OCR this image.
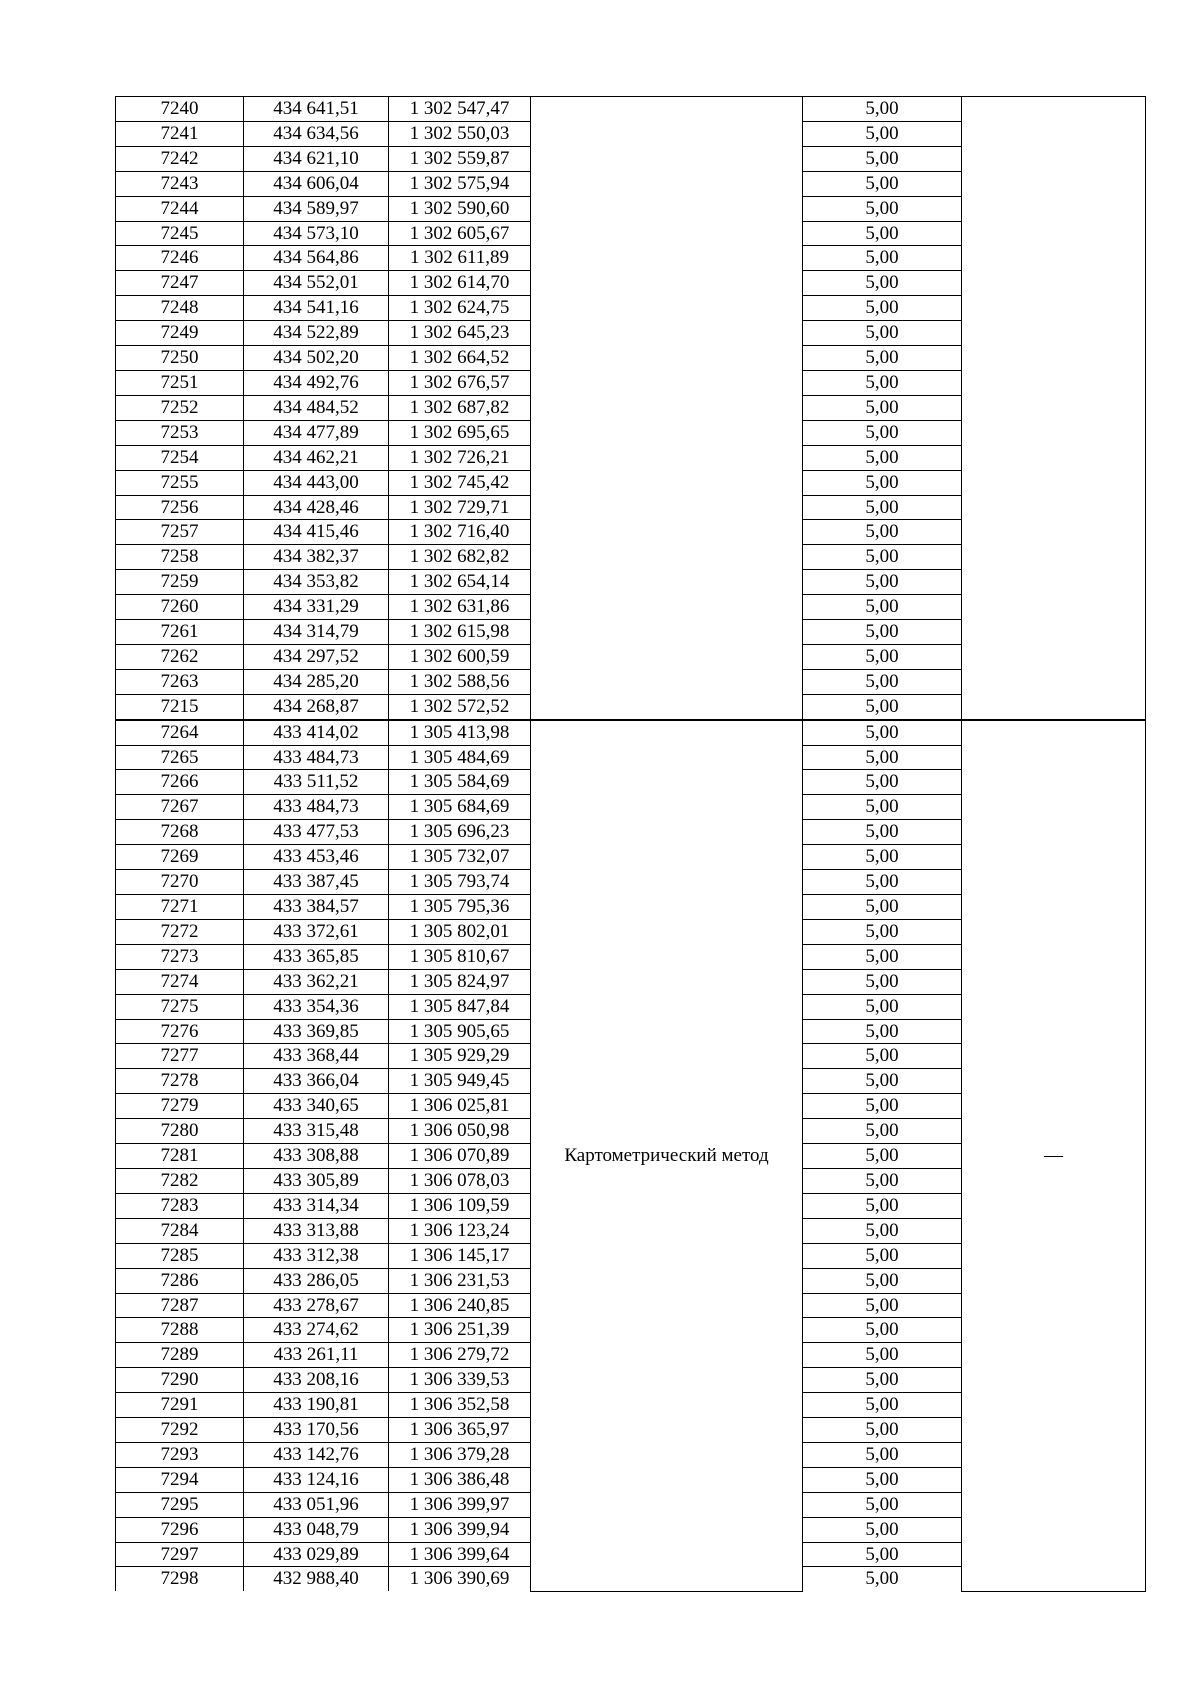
7240	434 641,51	1 302 547,47		5,00	
7241	434 634,56	1 302 550,03		5,00	
7242	434 621,10	1 302 559,87		5,00	
7243	434 606,04	1 302 575,94		5,00	
7244	434 589,97	1 302 590,60		5,00	
7245	434 573,10	1 302 605,67		5,00	
7246	434 564,86	1 302 611,89		5,00	
7247	434 552,01	1 302 614,70		5,00	
7248	434 541,16	1 302 624,75		5,00	
7249	434 522,89	1 302 645,23		5,00	
7250	434 502,20	1 302 664,52		5,00	
7251	434 492,76	1 302 676,57		5,00	
7252	434 484,52	1 302 687,82		5,00	
7253	434 477,89	1 302 695,65		5,00	
7254	434 462,21	1 302 726,21		5,00	
7255	434 443,00	1 302 745,42		5,00	
7256	434 428,46	1 302 729,71		5,00	
7257	434 415,46	1 302 716,40		5,00	
7258	434 382,37	1 302 682,82		5,00	
7259	434 353,82	1 302 654,14		5,00	
7260	434 331,29	1 302 631,86		5,00	
7261	434 314,79	1 302 615,98		5,00	
7262	434 297,52	1 302 600,59		5,00	
7263	434 285,20	1 302 588,56		5,00	
7215	434 268,87	1 302 572,52		5,00	
7264	433 414,02	1 305 413,98	Картометрический метод	5,00	—
7265	433 484,73	1 305 484,69		5,00	
7266	433 511,52	1 305 584,69		5,00	
7267	433 484,73	1 305 684,69		5,00	
7268	433 477,53	1 305 696,23		5,00	
7269	433 453,46	1 305 732,07		5,00	
7270	433 387,45	1 305 793,74		5,00	
7271	433 384,57	1 305 795,36		5,00	
7272	433 372,61	1 305 802,01		5,00	
7273	433 365,85	1 305 810,67		5,00	
7274	433 362,21	1 305 824,97		5,00	
7275	433 354,36	1 305 847,84		5,00	
7276	433 369,85	1 305 905,65		5,00	
7277	433 368,44	1 305 929,29		5,00	
7278	433 366,04	1 305 949,45		5,00	
7279	433 340,65	1 306 025,81		5,00	
7280	433 315,48	1 306 050,98		5,00	
7281	433 308,88	1 306 070,89		5,00	
7282	433 305,89	1 306 078,03		5,00	
7283	433 314,34	1 306 109,59		5,00	
7284	433 313,88	1 306 123,24		5,00	
7285	433 312,38	1 306 145,17		5,00	
7286	433 286,05	1 306 231,53		5,00	
7287	433 278,67	1 306 240,85		5,00	
7288	433 274,62	1 306 251,39		5,00	
7289	433 261,11	1 306 279,72		5,00	
7290	433 208,16	1 306 339,53		5,00	
7291	433 190,81	1 306 352,58		5,00	
7292	433 170,56	1 306 365,97		5,00	
7293	433 142,76	1 306 379,28		5,00	
7294	433 124,16	1 306 386,48		5,00	
7295	433 051,96	1 306 399,97		5,00	
7296	433 048,79	1 306 399,94		5,00	
7297	433 029,89	1 306 399,64		5,00	
7298	432 988,40	1 306 390,69		5,00	
